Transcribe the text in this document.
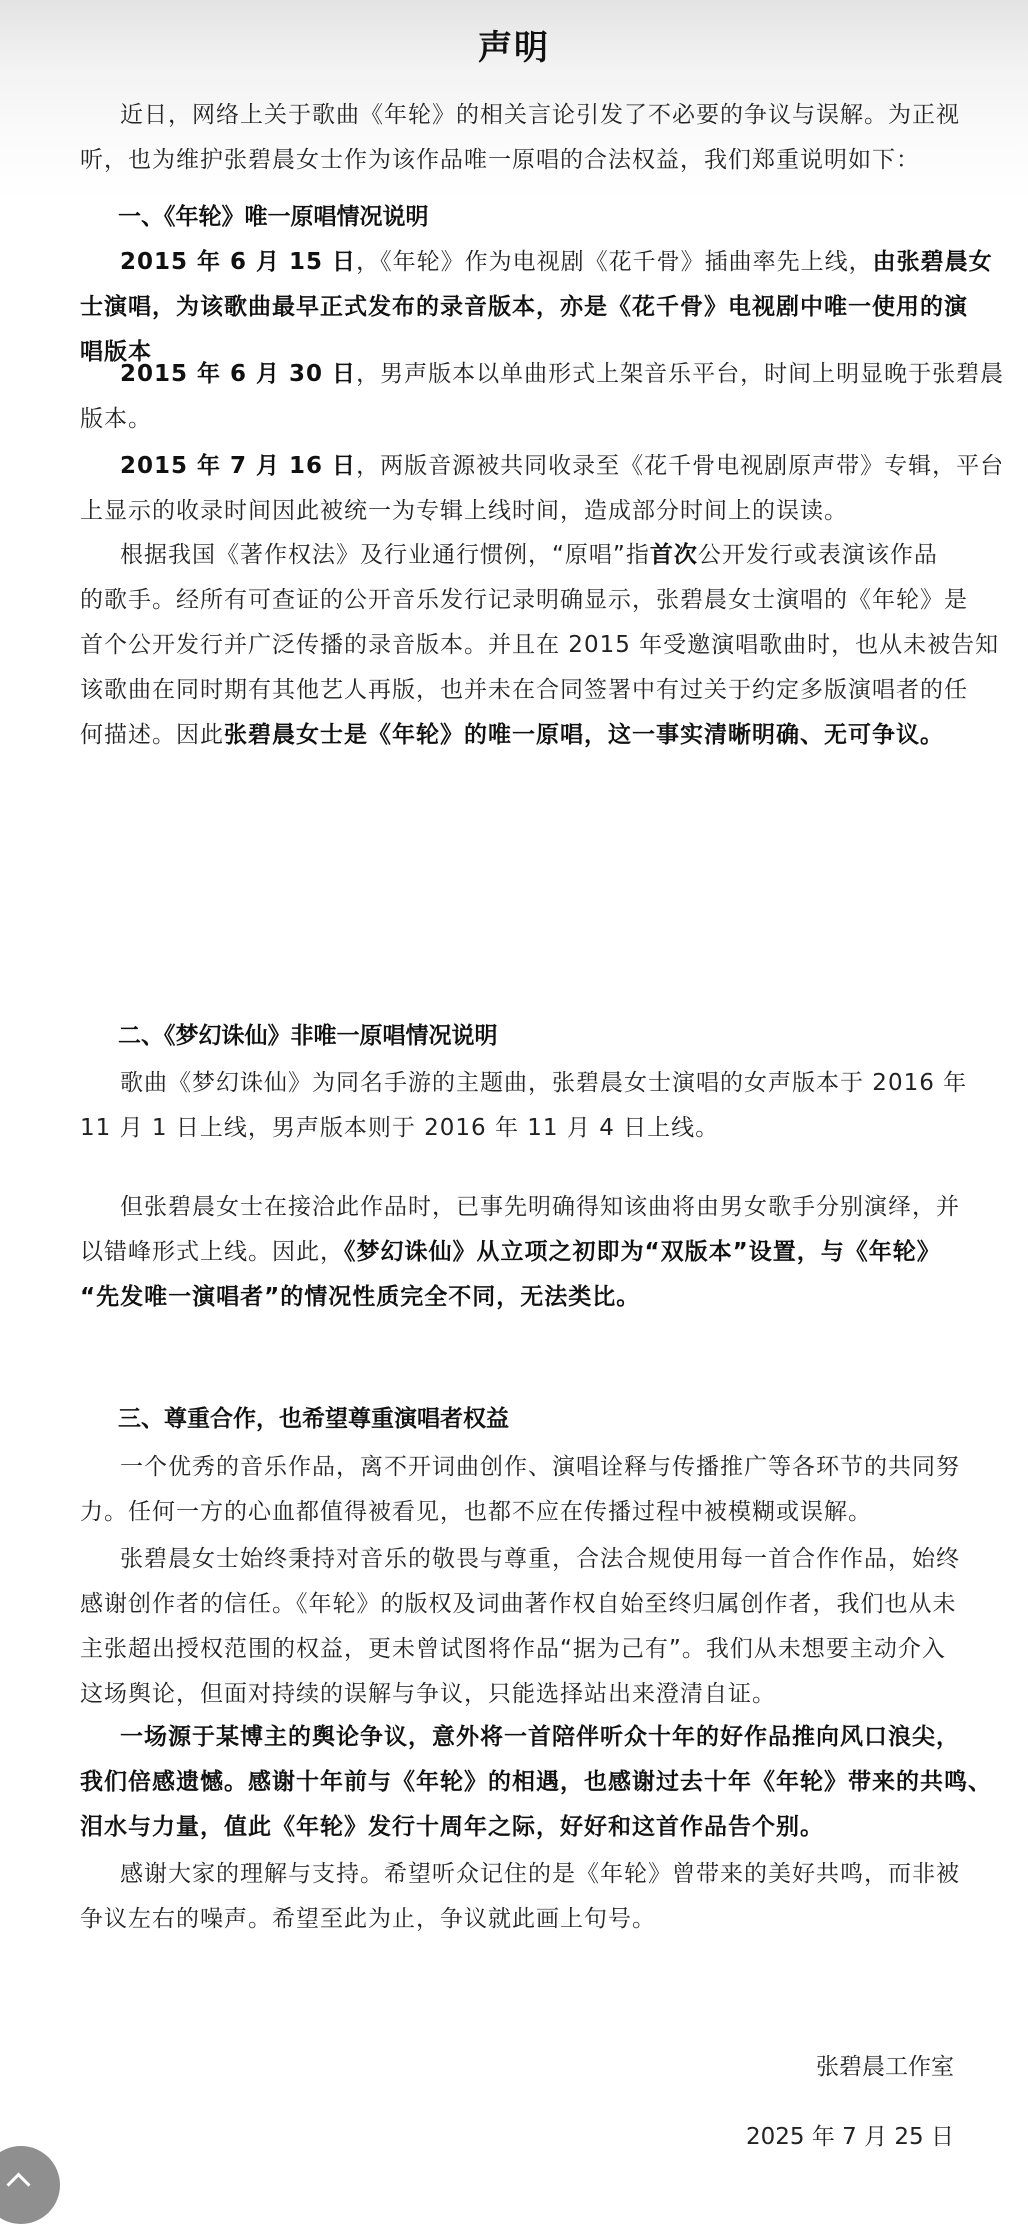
声明
近日，网络上关于歌曲《年轮》的相关言论引发了不必要的争议与误解。为正视
听，也为维护张碧晨女士作为该作品唯一原唱的合法权益，我们郑重说明如下：
一、《年轮》唯一原唱情况说明
2015 年 6 月 15 日，《年轮》作为电视剧《花千骨》插曲率先上线，由张碧晨女
士演唱，为该歌曲最早正式发布的录音版本，亦是《花千骨》电视剧中唯一使用的演
唱版本
2015 年 6 月 30 日，男声版本以单曲形式上架音乐平台，时间上明显晚于张碧晨
版本。
2015 年 7 月 16 日，两版音源被共同收录至《花千骨电视剧原声带》专辑，平台
上显示的收录时间因此被统一为专辑上线时间，造成部分时间上的误读。
根据我国《著作权法》及行业通行惯例，“原唱”指首次公开发行或表演该作品
的歌手。经所有可查证的公开音乐发行记录明确显示，张碧晨女士演唱的《年轮》是
首个公开发行并广泛传播的录音版本。并且在 2015 年受邀演唱歌曲时，也从未被告知
该歌曲在同时期有其他艺人再版，也并未在合同签署中有过关于约定多版演唱者的任
何描述。因此张碧晨女士是《年轮》的唯一原唱，这一事实清晰明确、无可争议。
二、《梦幻诛仙》非唯一原唱情况说明
歌曲《梦幻诛仙》为同名手游的主题曲，张碧晨女士演唱的女声版本于 2016 年
11 月 1 日上线，男声版本则于 2016 年 11 月 4 日上线。
但张碧晨女士在接洽此作品时，已事先明确得知该曲将由男女歌手分别演绎，并
以错峰形式上线。因此，《梦幻诛仙》从立项之初即为“双版本”设置，与《年轮》
“先发唯一演唱者”的情况性质完全不同，无法类比。
三、尊重合作，也希望尊重演唱者权益
一个优秀的音乐作品，离不开词曲创作、演唱诠释与传播推广等各环节的共同努
力。任何一方的心血都值得被看见，也都不应在传播过程中被模糊或误解。
张碧晨女士始终秉持对音乐的敬畏与尊重，合法合规使用每一首合作作品，始终
感谢创作者的信任。《年轮》的版权及词曲著作权自始至终归属创作者，我们也从未
主张超出授权范围的权益，更未曾试图将作品“据为己有”。我们从未想要主动介入
这场舆论，但面对持续的误解与争议，只能选择站出来澄清自证。
一场源于某博主的舆论争议，意外将一首陪伴听众十年的好作品推向风口浪尖，
我们倍感遗憾。感谢十年前与《年轮》的相遇，也感谢过去十年《年轮》带来的共鸣、
泪水与力量，值此《年轮》发行十周年之际，好好和这首作品告个别。
感谢大家的理解与支持。希望听众记住的是《年轮》曾带来的美好共鸣，而非被
争议左右的噪声。希望至此为止，争议就此画上句号。
张碧晨工作室
2025 年 7 月 25 日
